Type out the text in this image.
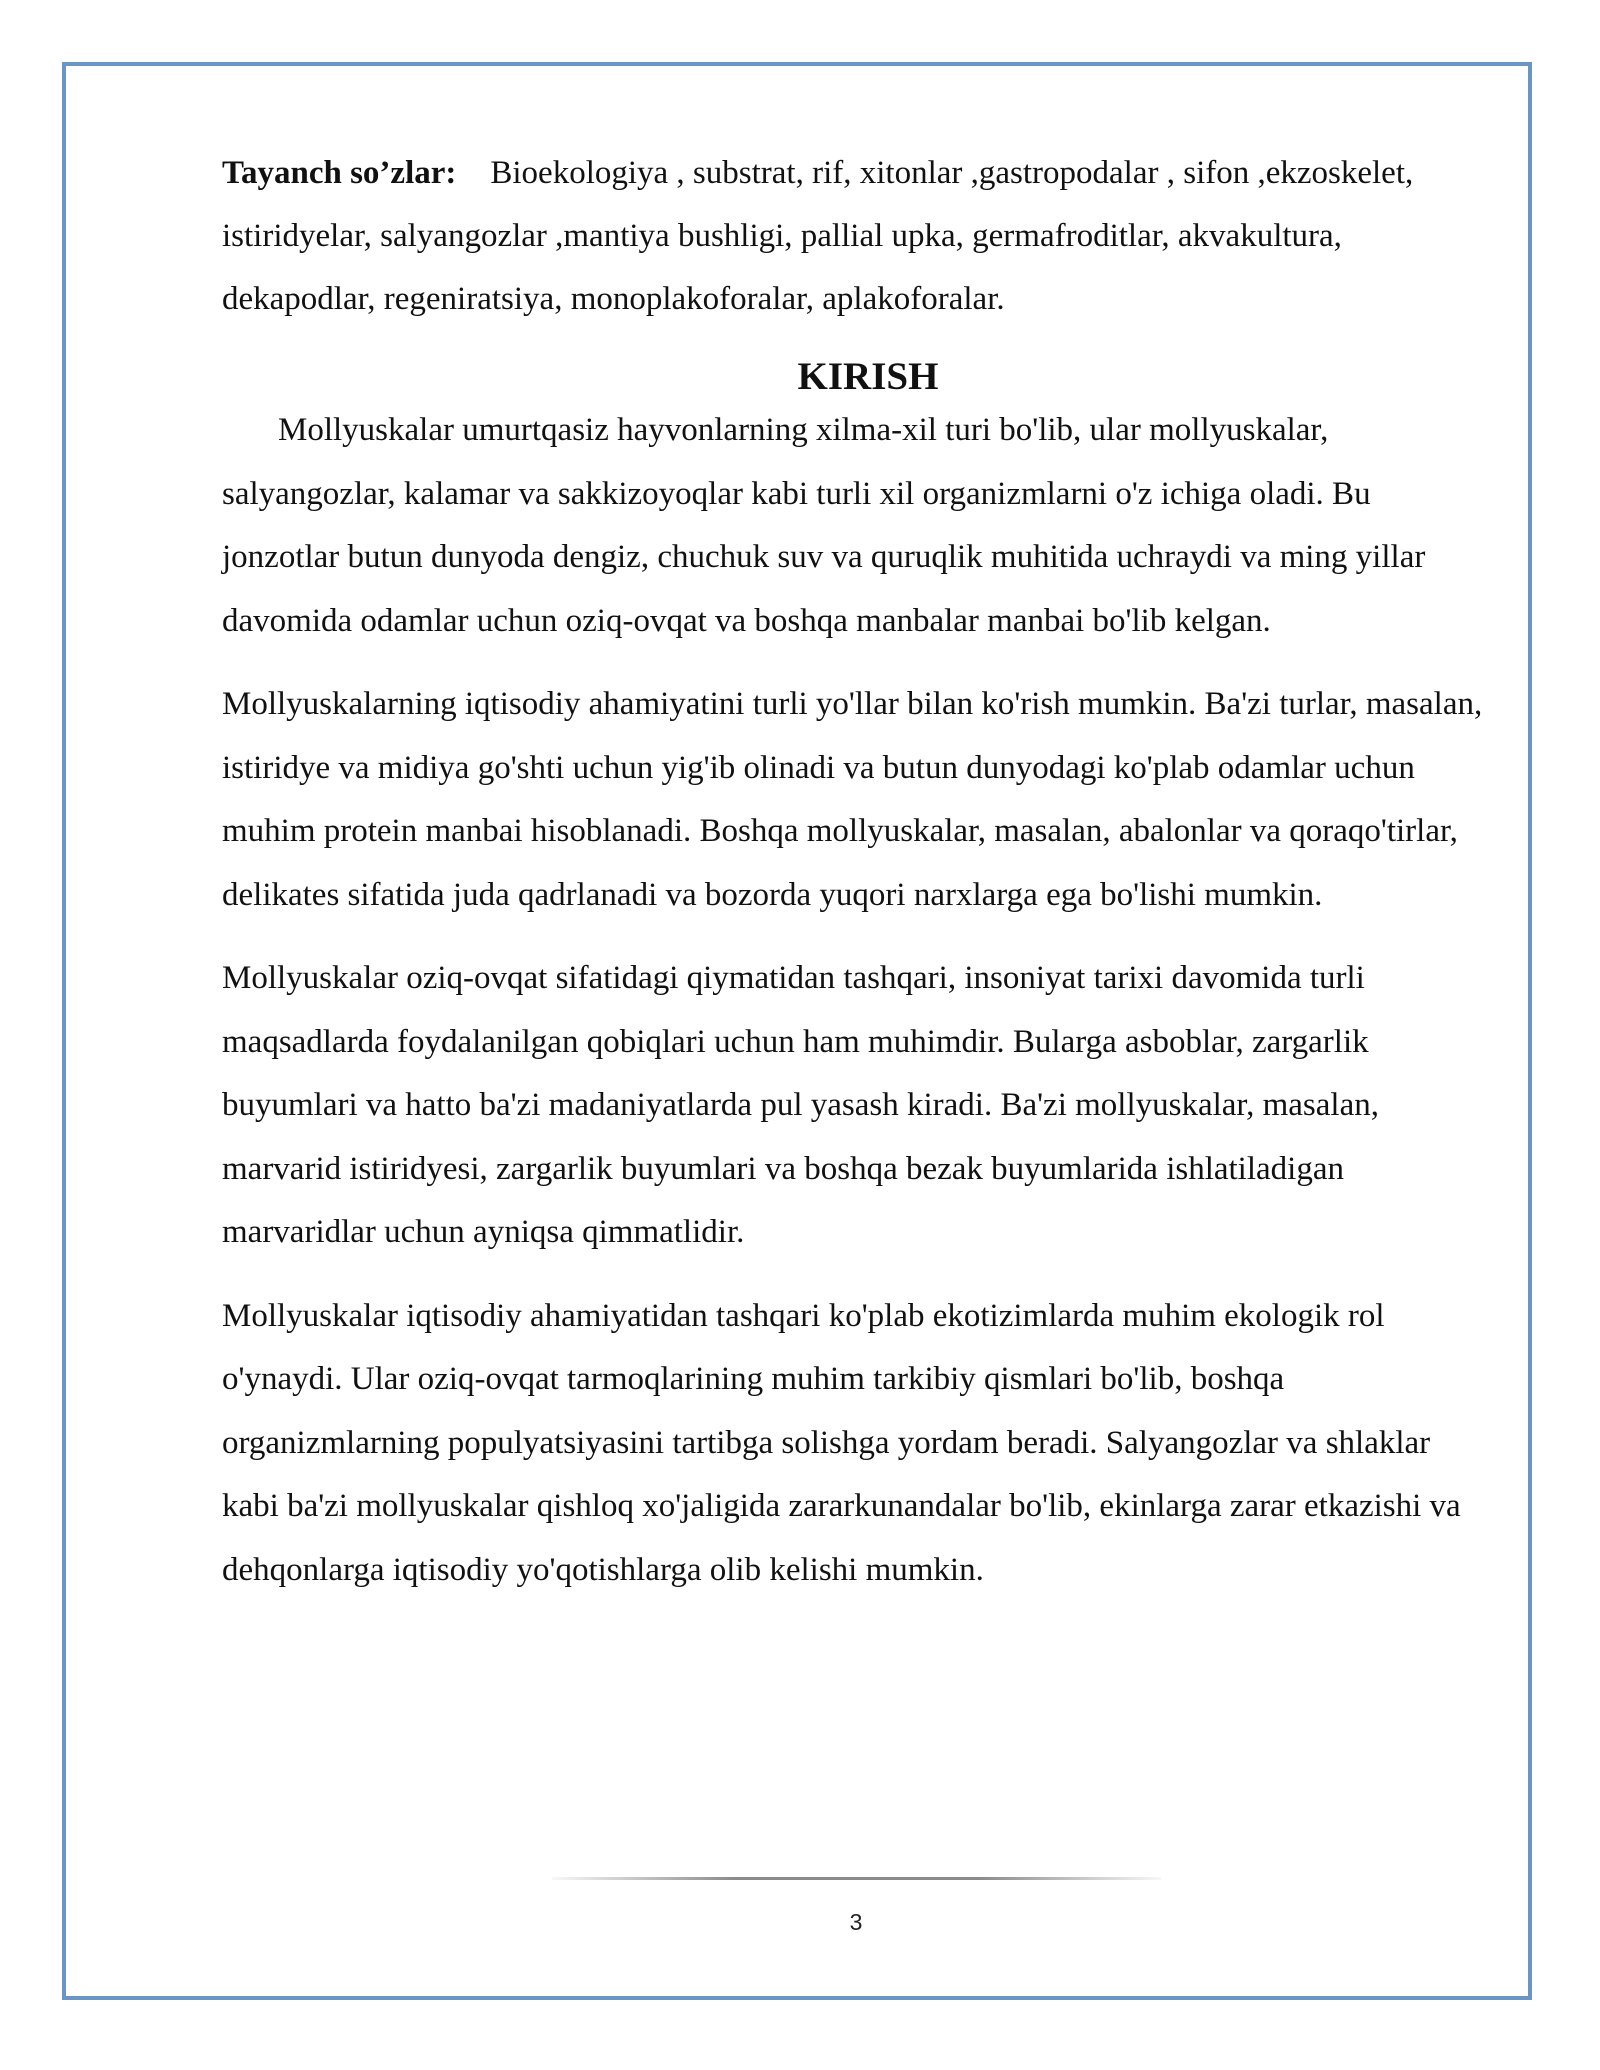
Tayanch so’zlar: Bioekologiya , substrat, rif, xitonlar ,gastropodalar , sifon ,ekzoskelet, istiridyelar, salyangozlar ,mantiya bushligi, pallial upka, germafroditlar, akvakultura, dekapodlar, regeniratsiya, monoplakoforalar, aplakoforalar.

KIRISH

Mollyuskalar umurtqasiz hayvonlarning xilma-xil turi bo'lib, ular mollyuskalar, salyangozlar, kalamar va sakkizoyoqlar kabi turli xil organizmlarni o'z ichiga oladi. Bu jonzotlar butun dunyoda dengiz, chuchuk suv va quruqlik muhitida uchraydi va ming yillar davomida odamlar uchun oziq-ovqat va boshqa manbalar manbai bo'lib kelgan.

Mollyuskalarning iqtisodiy ahamiyatini turli yo'llar bilan ko'rish mumkin. Ba'zi turlar, masalan, istiridye va midiya go'shti uchun yig'ib olinadi va butun dunyodagi ko'plab odamlar uchun muhim protein manbai hisoblanadi. Boshqa mollyuskalar, masalan, abalonlar va qoraqo'tirlar, delikates sifatida juda qadrlanadi va bozorda yuqori narxlarga ega bo'lishi mumkin.

Mollyuskalar oziq-ovqat sifatidagi qiymatidan tashqari, insoniyat tarixi davomida turli maqsadlarda foydalanilgan qobiqlari uchun ham muhimdir. Bularga asboblar, zargarlik buyumlari va hatto ba'zi madaniyatlarda pul yasash kiradi. Ba'zi mollyuskalar, masalan, marvarid istiridyesi, zargarlik buyumlari va boshqa bezak buyumlarida ishlatiladigan marvaridlar uchun ayniqsa qimmatlidir.

Mollyuskalar iqtisodiy ahamiyatidan tashqari ko'plab ekotizimlarda muhim ekologik rol o'ynaydi. Ular oziq-ovqat tarmoqlarining muhim tarkibiy qismlari bo'lib, boshqa organizmlarning populyatsiyasini tartibga solishga yordam beradi. Salyangozlar va shlaklar kabi ba'zi mollyuskalar qishloq xo'jaligida zararkunandalar bo'lib, ekinlarga zarar etkazishi va dehqonlarga iqtisodiy yo'qotishlarga olib kelishi mumkin.

3
